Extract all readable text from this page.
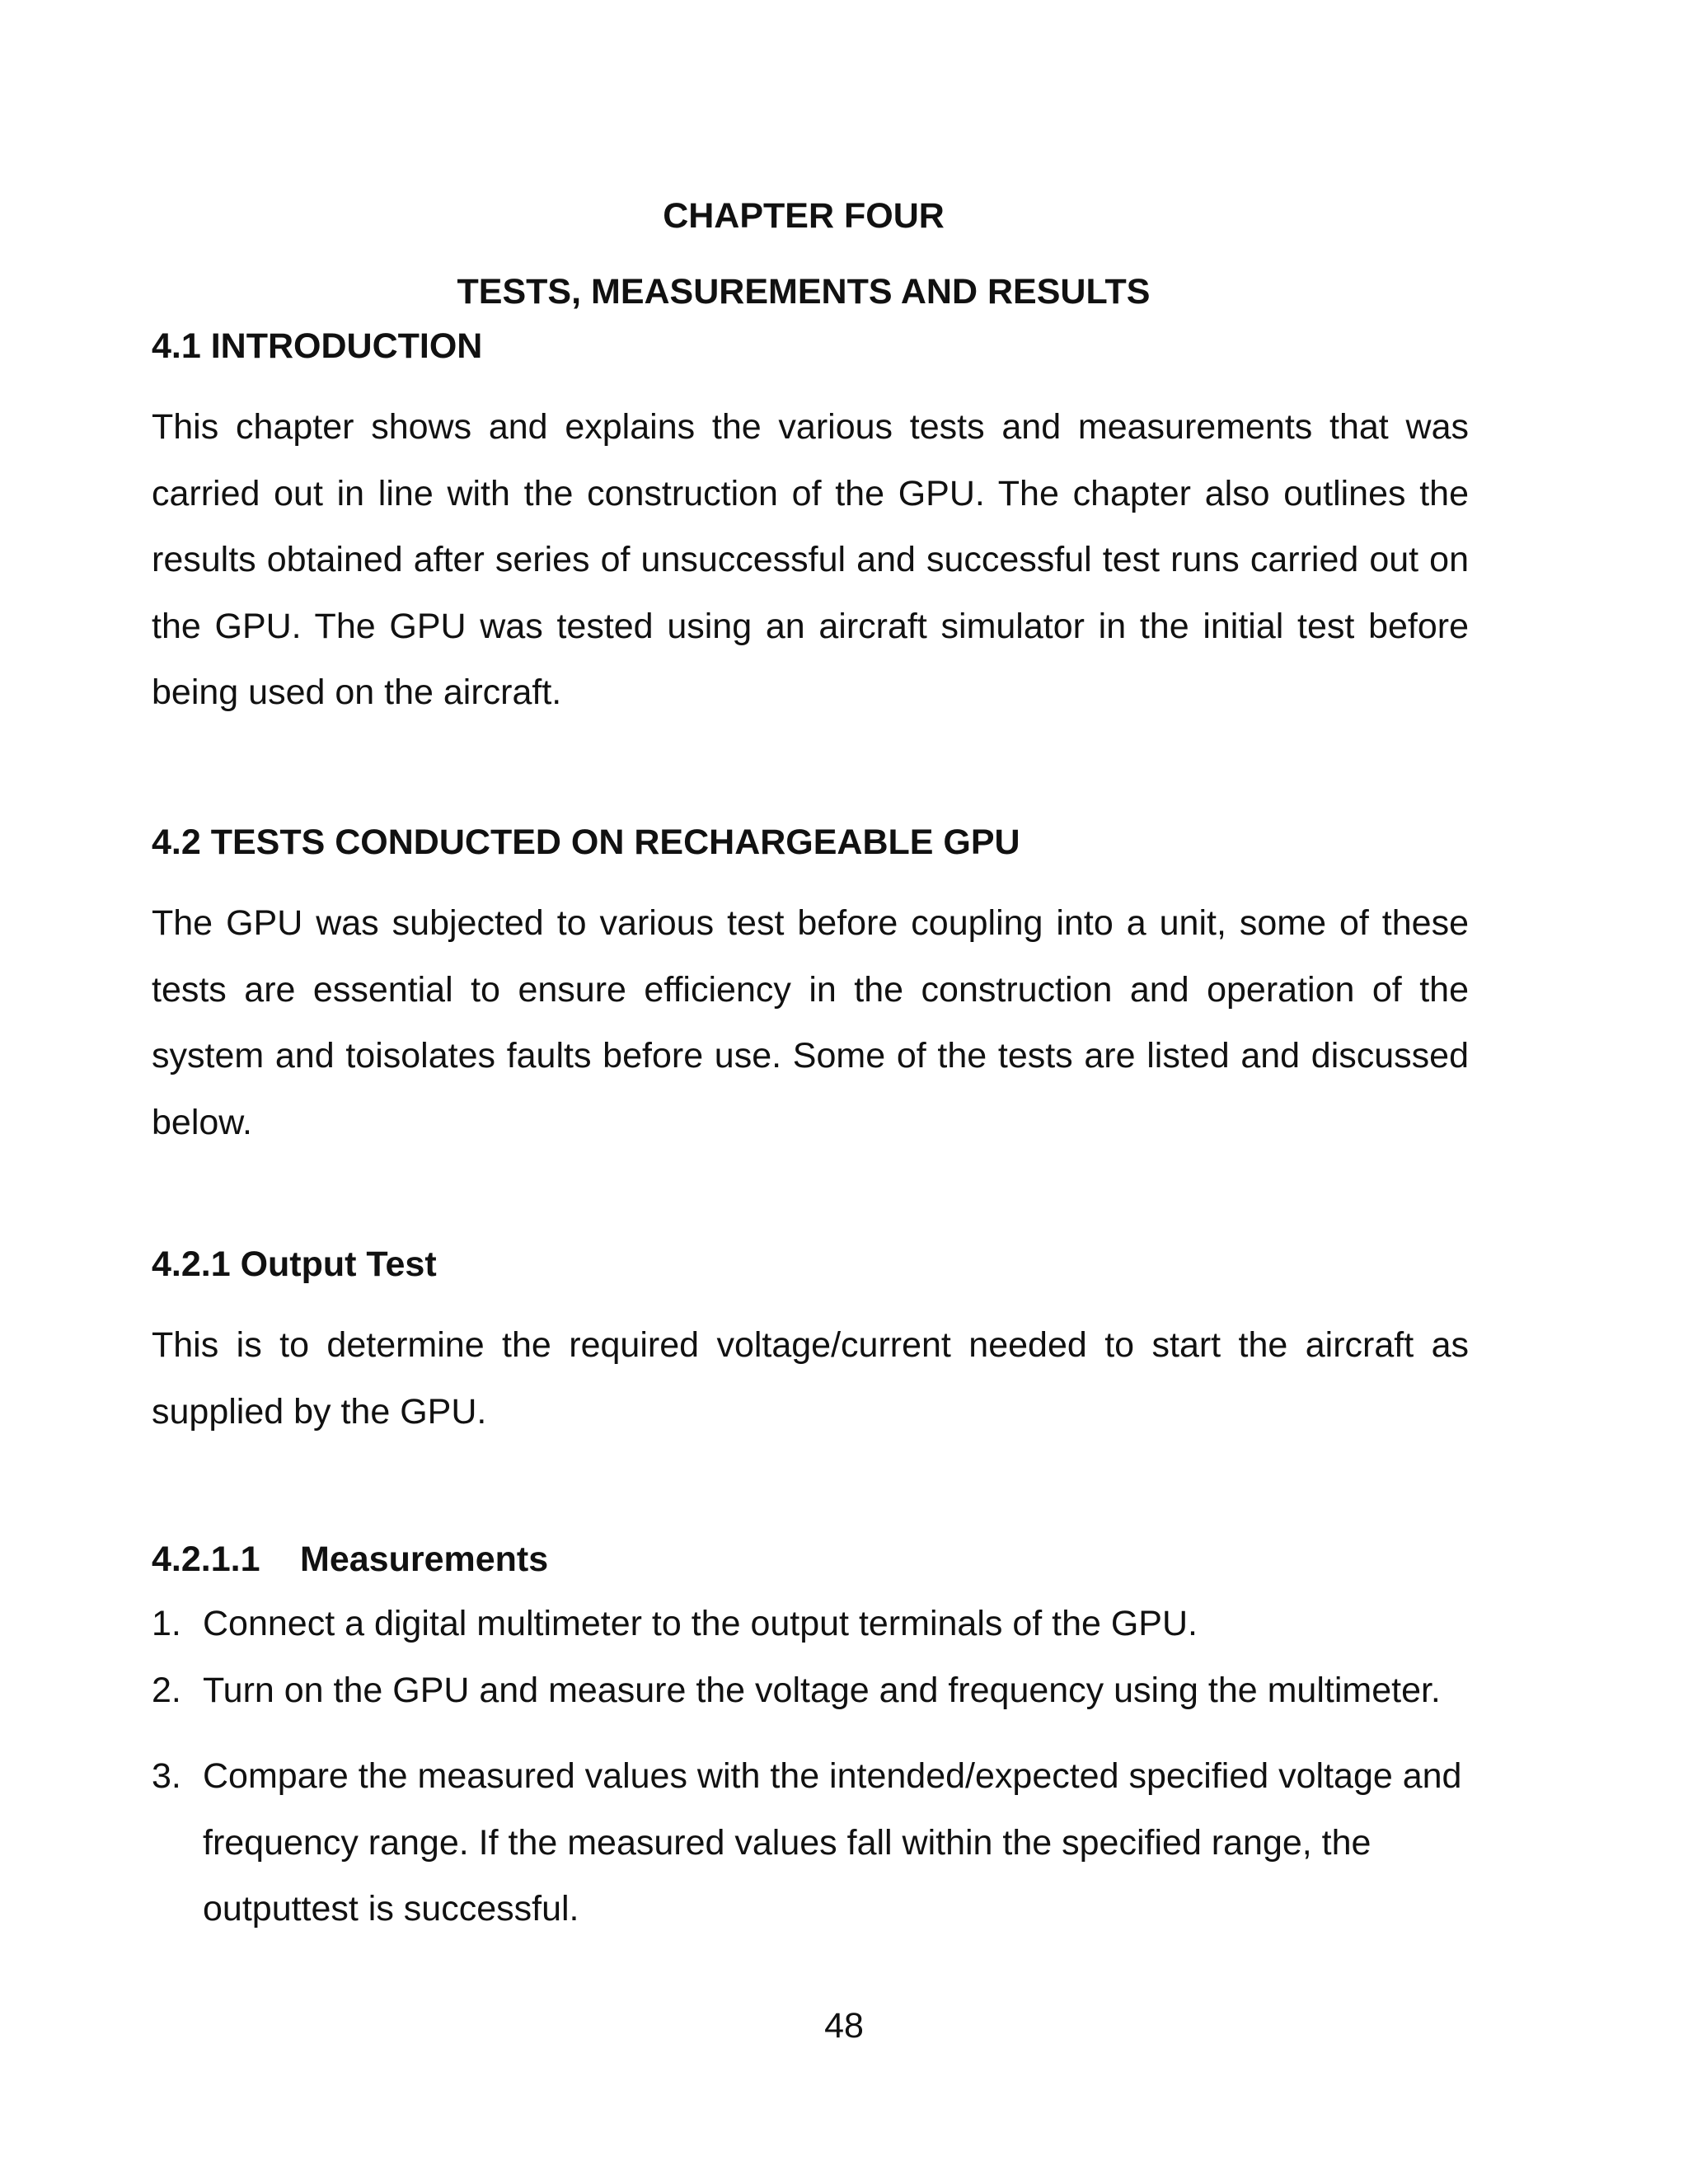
CHAPTER FOUR
TESTS, MEASUREMENTS AND RESULTS
4.1 INTRODUCTION

This chapter shows and explains the various tests and measurements that was carried out in line with the construction of the GPU. The chapter also outlines the results obtained after series of unsuccessful and successful test runs carried out on the GPU. The GPU was tested using an aircraft simulator in the initial test before being used on the aircraft.

4.2 TESTS CONDUCTED ON RECHARGEABLE GPU

The GPU was subjected to various test before coupling into a unit, some of these tests are essential to ensure efficiency in the construction and operation of the system and toisolates faults before use. Some of the tests are listed and discussed below.

4.2.1 Output Test

This is to determine the required voltage/current needed to start the aircraft as supplied by the GPU.

4.2.1.1 Measurements
1. Connect a digital multimeter to the output terminals of the GPU.
2. Turn on the GPU and measure the voltage and frequency using the multimeter.
3. Compare the measured values with the intended/expected specified voltage and frequency range. If the measured values fall within the specified range, the outputtest is successful.
48
